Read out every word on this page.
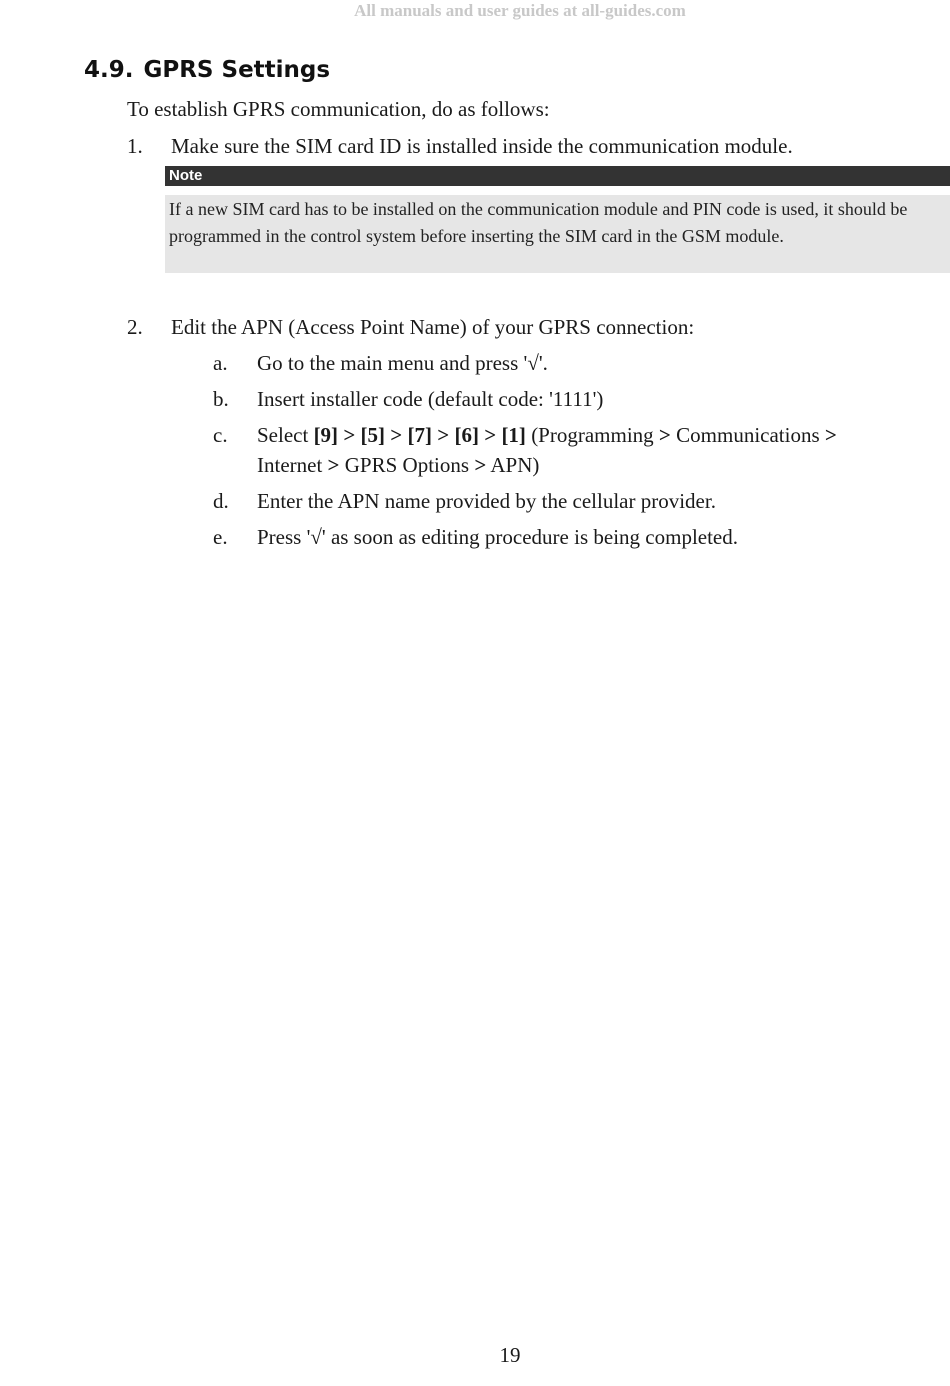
All manuals and user guides at all-guides.com
4.9. GPRS Settings
To establish GPRS communication, do as follows:
1. Make sure the SIM card ID is installed inside the communication module.
Note

If a new SIM card has to be installed on the communication module and PIN code is used, it should be programmed in the control system before inserting the SIM card in the GSM module.

2. Edit the APN (Access Point Name) of your GPRS connection:
a. Go to the main menu and press '√'.
b. Insert installer code (default code: '1111')
c. Select [9] > [5] > [7] > [6] > [1] (Programming > Communications >
Internet > GPRS Options > APN)
d. Enter the APN name provided by the cellular provider.
e. Press '√' as soon as editing procedure is being completed.
19
